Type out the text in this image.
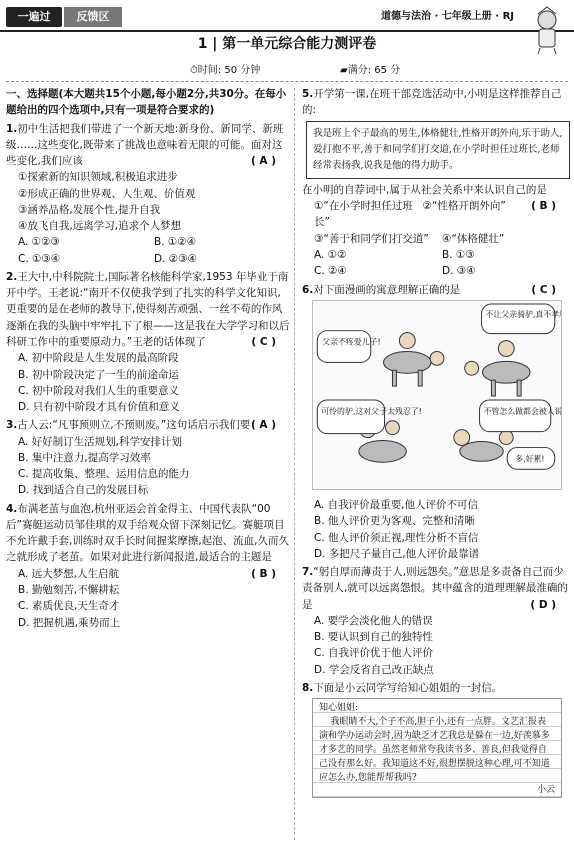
一遍过	反馈区	道德与法治 · 七年级上册 · RJ
1 | 第一单元综合能力测评卷
⏱时间: 50 分钟	▰满分: 65 分

一、选择题(本大题共15个小题,每小题2分,共30分。在每小题给出的四个选项中,只有一项是符合要求的)

1.初中生活把我们带进了一个新天地:新身份、新同学、新班级……这些变化,既带来了挑战也意味着无限的可能。面对这些变化,我们应该	( A )

①探索新的知识领域,积极追求进步

②形成正确的世界观、人生观、价值观

③涵养品格,发展个性,提升自我

④放飞自我,远离学习,追求个人梦想

A. ①②③	B. ①②④
C. ①③④	D. ②③④

2.王大中,中科院院士,国际著名核能科学家,1953 年毕业于南开中学。王老说:“南开不仅使我学到了扎实的科学文化知识,更重要的是在老师的教导下,使得刻苦顽强、一丝不苟的作风逐渐在我的头脑中牢牢扎下了根——这是我在大学学习和以后科研工作中的重要原动力。”王老的话体现了	( C )

A. 初中阶段是人生发展的最高阶段

B. 初中阶段决定了一生的前途命运

C. 初中阶段对我们人生的重要意义

D. 只有初中阶段才具有价值和意义

3.古人云:“凡事预则立,不预则废。”这句话启示我们要 ( A )

A. 好好制订生活规划,科学安排计划

B. 集中注意力,提高学习效率

C. 提高收集、整理、运用信息的能力

D. 找到适合自己的发展目标

4.布满老茧与血泡,杭州亚运会首金得主、中国代表队“00后”赛艇运动员邹佳琪的双手给观众留下深刻记忆。赛艇项目不允许戴手套,训练时双手长时间握桨摩擦,起泡、流血,久而久之就形成了老茧。如果对此进行新闻报道,最适合的主题是
( B )

A. 远大梦想,人生启航

B. 勤勉刻苦,不懈耕耘

C. 素质优良,天生奇才

D. 把握机遇,乘势而上

5.开学第一课,在班干部竞选活动中,小明是这样推荐自己的:

我是班上个子最高的男生,体格健壮,性格开朗外向,乐于助人,爱打抱不平,善于和同学们打交道,在小学时担任过班长,老师经常表扬我,说我是他的得力助手。

在小明的自荐词中,属于从社会关系中来认识自己的是
( B )

①“在小学时担任过班长”
②“性格开朗外向”
③“善于和同学们打交道”	④“体格健壮”
A. ①②	B. ①③
C. ②④	D. ③④

6.对下面漫画的寓意理解正确的是	( C )

父亲不疼爱儿子!
不让父亲骑驴,真不孝顺!
可怜的驴,这对父子太残忍了!	不管怎么做都会被人说
多,好累!

A. 自我评价最重要,他人评价不可信

B. 他人评价更为客观、完整和清晰

C. 他人评价须正视,理性分析不盲信

D. 多把尺子量自己,他人评价最靠谱

7.“躬自厚而薄责于人,则远怨矣。”意思是多责备自己而少责备别人,就可以远离怨恨。其中蕴含的道理理解最准确的是	( D )

A. 要学会淡化他人的错误

B. 要认识到自己的独特性

C. 自我评价优于他人评价

D. 学会反省自己改正缺点

8.下面是小云同学写给知心姐姐的一封信。

知心姐姐:
我眼睛不大,个子不高,胆子小,还有一点胖。文艺汇报表演和学办运动会时,因为缺乏才艺我总是躲在一边,好羡慕多才多艺的同学。虽然老师常夸我读书多、善良,但我觉得自己没有那么好。我知道这不好,很想摆脱这种心理,可不知道应怎么办,您能帮帮我吗?
小云
